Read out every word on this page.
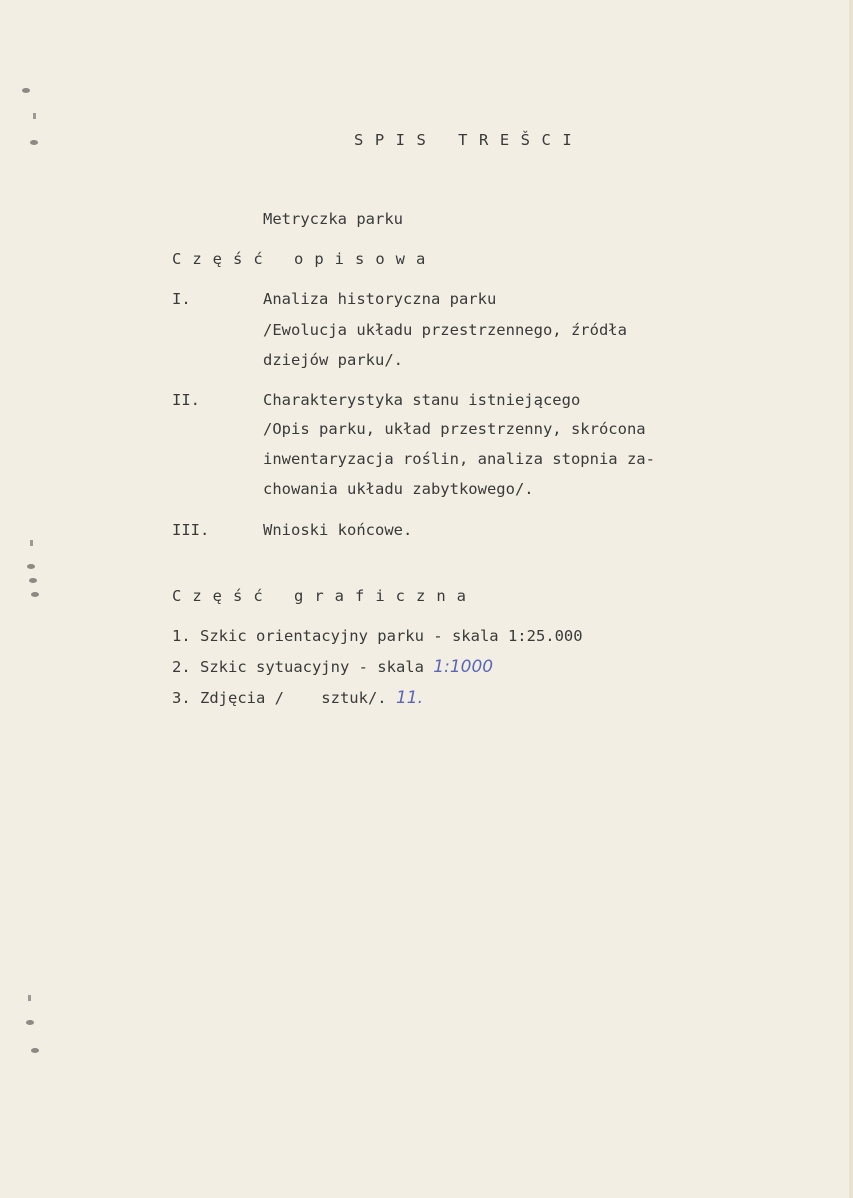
SPIS TREŠCI
Metryczka parku
Część opisowa
I.	Analiza historyczna parku
/Ewolucja układu przestrzennego, źródła
dziejów parku/.
II.	Charakterystyka stanu istniejącego
/Opis parku, układ przestrzenny, skrócona
inwentaryzacja roślin, analiza stopnia za-
chowania układu zabytkowego/.
III.	Wnioski końcowe.
Część graficzna
1. Szkic orientacyjny parku - skala 1:25.000
2. Szkic sytuacyjny - skala 1:1000
3. Zdjęcia /    sztuk/. 11.
